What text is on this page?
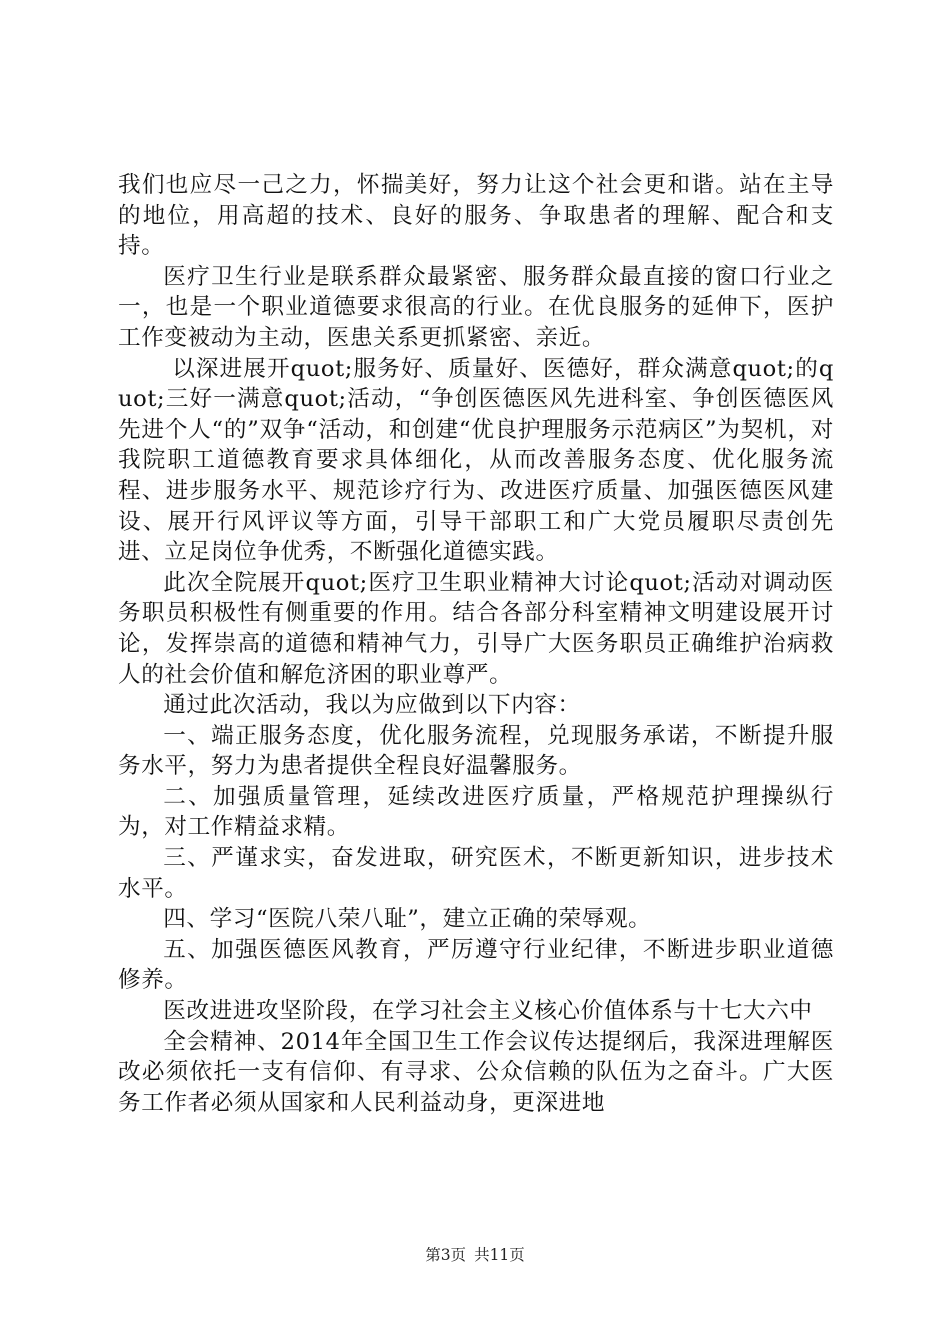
我们也应尽一己之力，怀揣美好，努力让这个社会更和谐。站在主导的地位，用高超的技术、良好的服务、争取患者的理解、配合和支持。

医疗卫生行业是联系群众最紧密、服务群众最直接的窗口行业之一，也是一个职业道德要求很高的行业。在优良服务的延伸下，医护工作变被动为主动，医患关系更抓紧密、亲近。

以深进展开quot;服务好、质量好、医德好，群众满意quot;的quot;三好一满意quot;活动，“争创医德医风先进科室、争创医德医风先进个人“的”双争“活动，和创建“优良护理服务示范病区”为契机，对我院职工道德教育要求具体细化，从而改善服务态度、优化服务流程、进步服务水平、规范诊疗行为、改进医疗质量、加强医德医风建设、展开行风评议等方面，引导干部职工和广大党员履职尽责创先进、立足岗位争优秀，不断强化道德实践。

此次全院展开quot;医疗卫生职业精神大讨论quot;活动对调动医务职员积极性有侧重要的作用。结合各部分科室精神文明建设展开讨论，发挥崇高的道德和精神气力，引导广大医务职员正确维护治病救人的社会价值和解危济困的职业尊严。

通过此次活动，我以为应做到以下内容：

一、端正服务态度，优化服务流程，兑现服务承诺，不断提升服务水平，努力为患者提供全程良好温馨服务。

二、加强质量管理，延续改进医疗质量，严格规范护理操纵行为，对工作精益求精。

三、严谨求实，奋发进取，研究医术，不断更新知识，进步技术水平。

四、学习“医院八荣八耻”，建立正确的荣辱观。

五、加强医德医风教育，严厉遵守行业纪律，不断进步职业道德修养。

医改进进攻坚阶段，在学习社会主义核心价值体系与十七大六中

全会精神、2014年全国卫生工作会议传达提纲后，我深进理解医改必须依托一支有信仰、有寻求、公众信赖的队伍为之奋斗。广大医务工作者必须从国家和人民利益动身，更深进地

第3页 共11页
